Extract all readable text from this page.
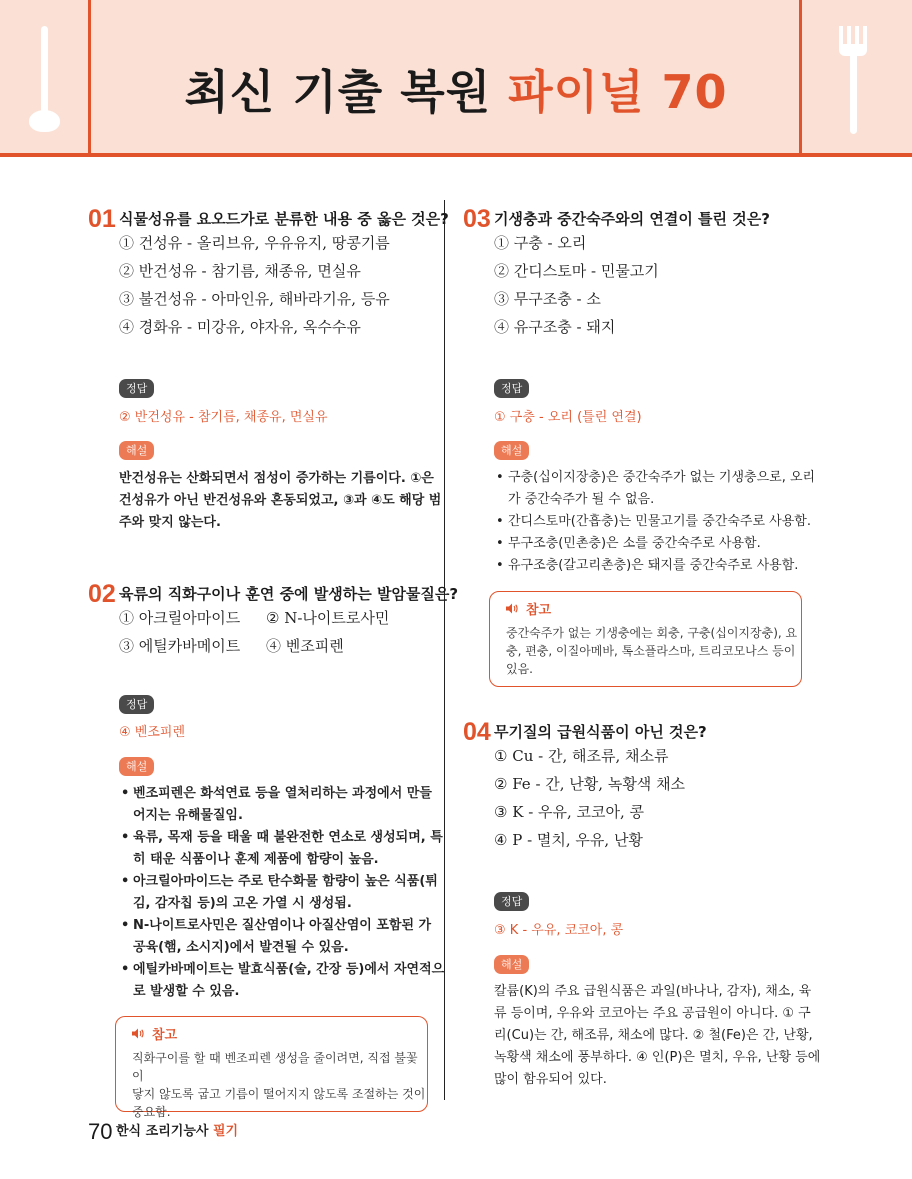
최신 기출 복원 파이널 70
01 식물성유를 요오드가로 분류한 내용 중 옳은 것은?
① 건성유 - 올리브유, 우유유지, 땅콩기름
② 반건성유 - 참기름, 채종유, 면실유
③ 불건성유 - 아마인유, 해바라기유, 등유
④ 경화유 - 미강유, 야자유, 옥수수유
정답
② 반건성유 - 참기름, 채종유, 면실유
해설
반건성유는 산화되면서 점성이 증가하는 기름이다. ①은
건성유가 아닌 반건성유와 혼동되었고, ③과 ④도 해당 범
주와 맞지 않는다.
02 육류의 직화구이나 훈연 중에 발생하는 발암물질은?
① 아크릴아마이드 ② N-나이트로사민
③ 에틸카바메이트 ④ 벤조피렌
정답
④ 벤조피렌
해설
• 벤조피렌은 화석연료 등을 열처리하는 과정에서 만들
어지는 유해물질임.
• 육류, 목재 등을 태울 때 불완전한 연소로 생성되며, 특
히 태운 식품이나 훈제 제품에 함량이 높음.
• 아크릴아마이드는 주로 탄수화물 함량이 높은 식품(튀
김, 감자칩 등)의 고온 가열 시 생성됨.
• N-나이트로사민은 질산염이나 아질산염이 포함된 가
공육(햄, 소시지)에서 발견될 수 있음.
• 에틸카바메이트는 발효식품(술, 간장 등)에서 자연적으
로 발생할 수 있음.
참고
직화구이를 할 때 벤조피렌 생성을 줄이려면, 직접 불꽃이
닿지 않도록 굽고 기름이 떨어지지 않도록 조절하는 것이
중요함.
03 기생충과 중간숙주와의 연결이 틀린 것은?
① 구충 - 오리
② 간디스토마 - 민물고기
③ 무구조충 - 소
④ 유구조충 - 돼지
정답
① 구충 - 오리 (틀린 연결)
해설
• 구충(십이지장충)은 중간숙주가 없는 기생충으로, 오리
가 중간숙주가 될 수 없음.
• 간디스토마(간흡충)는 민물고기를 중간숙주로 사용함.
• 무구조충(민촌충)은 소를 중간숙주로 사용함.
• 유구조충(갈고리촌충)은 돼지를 중간숙주로 사용함.
참고
중간숙주가 없는 기생충에는 회충, 구충(십이지장충), 요
충, 편충, 이질아메바, 톡소플라스마, 트리코모나스 등이
있음.
04 무기질의 급원식품이 아닌 것은?
① Cu - 간, 해조류, 채소류
② Fe - 간, 난황, 녹황색 채소
③ K - 우유, 코코아, 콩
④ P - 멸치, 우유, 난황
정답
③ K - 우유, 코코아, 콩
해설
칼륨(K)의 주요 급원식품은 과일(바나나, 감자), 채소, 육
류 등이며, 우유와 코코아는 주요 공급원이 아니다. ① 구
리(Cu)는 간, 해조류, 채소에 많다. ② 철(Fe)은 간, 난황,
녹황색 채소에 풍부하다. ④ 인(P)은 멸치, 우유, 난황 등에
많이 함유되어 있다.
70 한식 조리기능사 필기
